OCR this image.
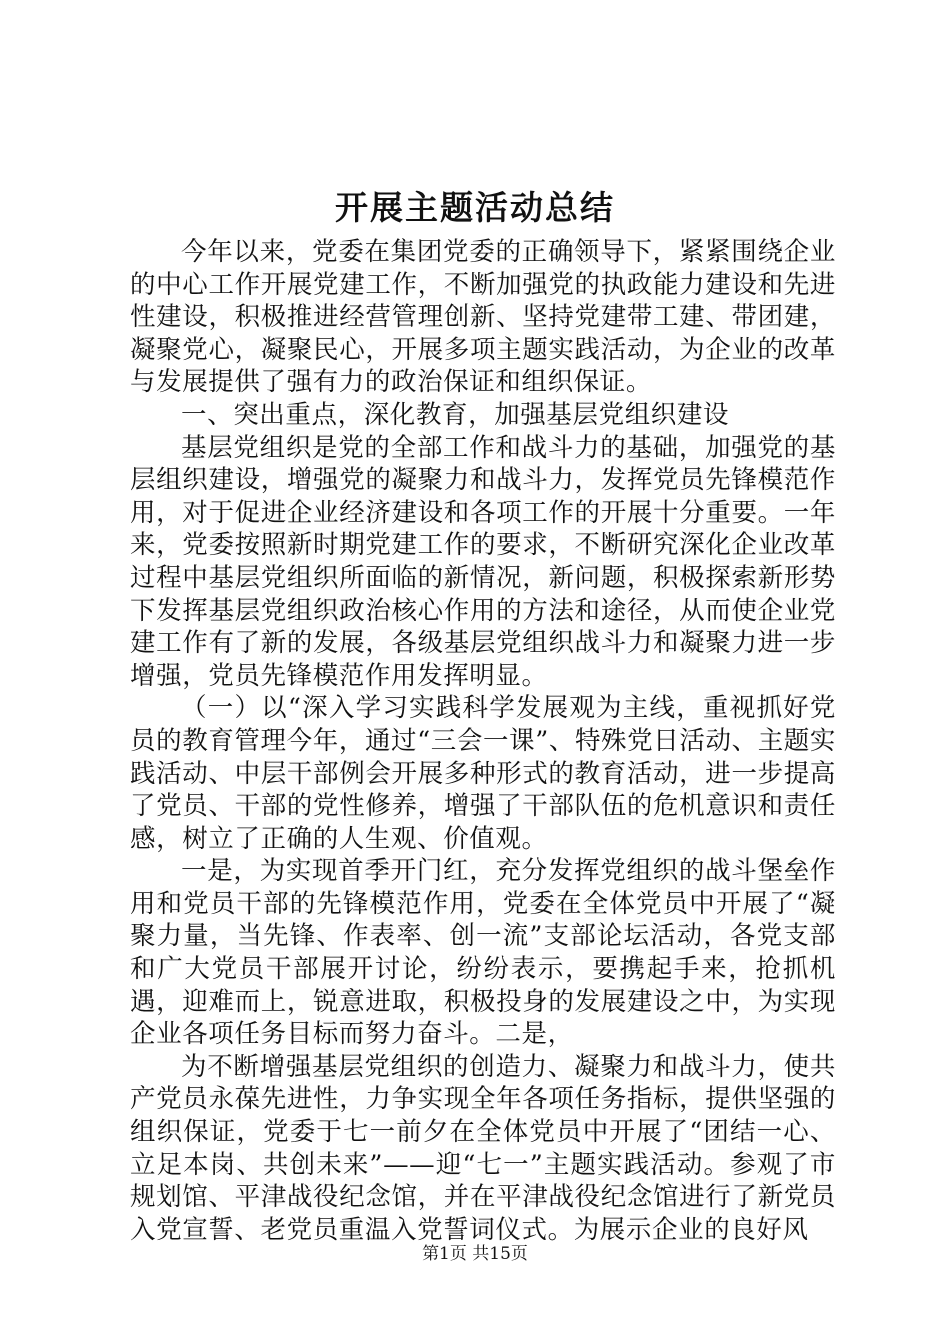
开展主题活动总结

今年以来，党委在集团党委的正确领导下，紧紧围绕企业的中心工作开展党建工作，不断加强党的执政能力建设和先进性建设，积极推进经营管理创新、坚持党建带工建、带团建，凝聚党心，凝聚民心，开展多项主题实践活动，为企业的改革与发展提供了强有力的政治保证和组织保证。

一、突出重点，深化教育，加强基层党组织建设

基层党组织是党的全部工作和战斗力的基础，加强党的基层组织建设，增强党的凝聚力和战斗力，发挥党员先锋模范作用，对于促进企业经济建设和各项工作的开展十分重要。一年来，党委按照新时期党建工作的要求，不断研究深化企业改革过程中基层党组织所面临的新情况，新问题，积极探索新形势下发挥基层党组织政治核心作用的方法和途径，从而使企业党建工作有了新的发展，各级基层党组织战斗力和凝聚力进一步增强，党员先锋模范作用发挥明显。

（一）以“深入学习实践科学发展观为主线，重视抓好党员的教育管理今年，通过“三会一课”、特殊党日活动、主题实践活动、中层干部例会开展多种形式的教育活动，进一步提高了党员、干部的党性修养，增强了干部队伍的危机意识和责任感，树立了正确的人生观、价值观。

一是，为实现首季开门红，充分发挥党组织的战斗堡垒作用和党员干部的先锋模范作用，党委在全体党员中开展了“凝聚力量，当先锋、作表率、创一流”支部论坛活动，各党支部和广大党员干部展开讨论，纷纷表示，要携起手来，抢抓机遇，迎难而上，锐意进取，积极投身的发展建设之中，为实现企业各项任务目标而努力奋斗。二是，

为不断增强基层党组织的创造力、凝聚力和战斗力，使共产党员永葆先进性，力争实现全年各项任务指标，提供坚强的组织保证，党委于七一前夕在全体党员中开展了“团结一心、立足本岗、共创未来”——迎“七一”主题实践活动。参观了市规划馆、平津战役纪念馆，并在平津战役纪念馆进行了新党员入党宣誓、老党员重温入党誓词仪式。为展示企业的良好风

第1页 共15页
